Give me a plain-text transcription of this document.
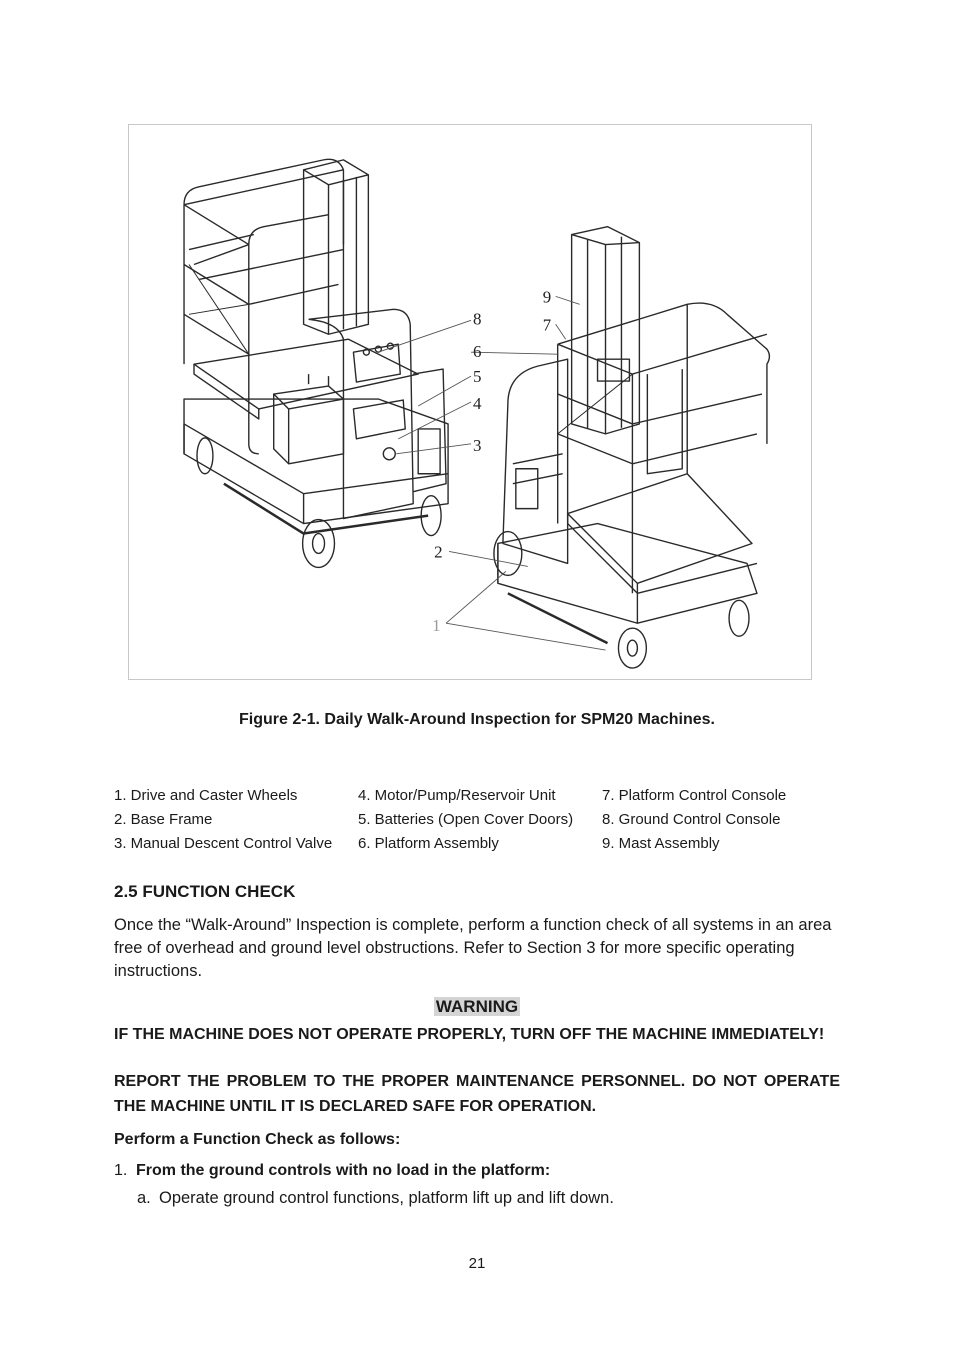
9
7
8
6
5
4
3
2
1
Figure 2-1. Daily Walk-Around Inspection for SPM20 Machines.
1. Drive and Caster Wheels	4. Motor/Pump/Reservoir Unit	7. Platform Control Console
2. Base Frame	5. Batteries (Open Cover Doors)	8. Ground Control Console
3. Manual Descent Control Valve	6. Platform Assembly	9. Mast Assembly
2.5 FUNCTION CHECK
Once the “Walk-Around” Inspection is complete, perform a function check of all systems in an area free of overhead and ground level obstructions. Refer to Section 3 for more specific operating instructions.
WARNING
IF THE MACHINE DOES NOT OPERATE PROPERLY, TURN OFF THE MACHINE IMMEDIATELY!
REPORT THE PROBLEM TO THE PROPER MAINTENANCE PERSONNEL. DO NOT OPERATE THE MACHINE UNTIL IT IS DECLARED SAFE FOR OPERATION.
Perform a Function Check as follows:
1. From the ground controls with no load in the platform:
a. Operate ground control functions, platform lift up and lift down.
21
